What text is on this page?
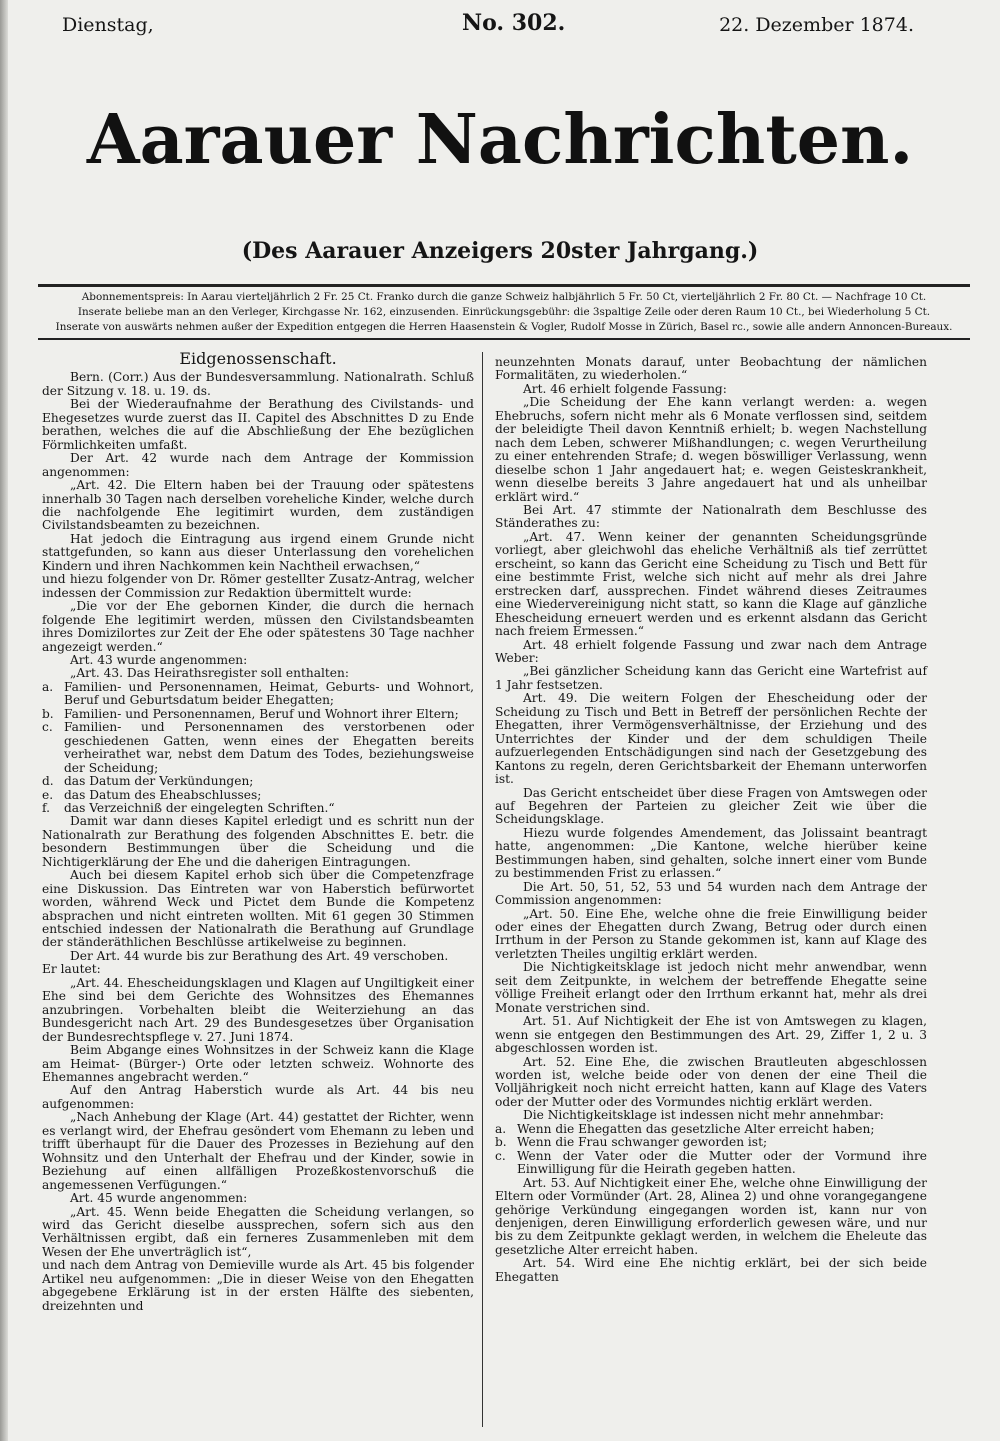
Dienstag,	No. 302.	22. Dezember 1874.
Aarauer Nachrichten.
(Des Aarauer Anzeigers 20ster Jahrgang.)
Abonnementspreis: In Aarau vierteljährlich 2 Fr. 25 Ct. Franko durch die ganze Schweiz halbjährlich 5 Fr. 50 Ct, vierteljährlich 2 Fr. 80 Ct. — Nachfrage 10 Ct.
Inserate beliebe man an den Verleger, Kirchgasse Nr. 162, einzusenden. Einrückungsgebühr: die 3spaltige Zeile oder deren Raum 10 Ct., bei Wiederholung 5 Ct.
Inserate von auswärts nehmen außer der Expedition entgegen die Herren Haasenstein & Vogler, Rudolf Mosse in Zürich, Basel rc., sowie alle andern Annoncen-Bureaux.
Eidgenossenschaft.

Bern. (Corr.) Aus der Bundesversammlung. Nationalrath. Schluß der Sitzung v. 18. u. 19. ds.

Bei der Wiederaufnahme der Berathung des Civilstands- und Ehegesetzes wurde zuerst das II. Capitel des Abschnittes D zu Ende berathen, welches die auf die Abschließung der Ehe bezüglichen Förmlichkeiten umfaßt.

Der Art. 42 wurde nach dem Antrage der Kommission angenommen:

„Art. 42. Die Eltern haben bei der Trauung oder spätestens innerhalb 30 Tagen nach derselben voreheliche Kinder, welche durch die nachfolgende Ehe legitimirt wurden, dem zuständigen Civilstandsbeamten zu bezeichnen.

Hat jedoch die Eintragung aus irgend einem Grunde nicht stattgefunden, so kann aus dieser Unterlassung den vorehelichen Kindern und ihren Nachkommen kein Nachtheil erwachsen,“

und hiezu folgender von Dr. Römer gestellter Zusatz-Antrag, welcher indessen der Commission zur Redaktion übermittelt wurde:

„Die vor der Ehe gebornen Kinder, die durch die hernach folgende Ehe legitimirt werden, müssen den Civilstandsbeamten ihres Domizilortes zur Zeit der Ehe oder spätestens 30 Tage nachher angezeigt werden.“

Art. 43 wurde angenommen:

„Art. 43. Das Heirathsregister soll enthalten:

a. Familien- und Personennamen, Heimat, Geburts- und Wohnort, Beruf und Geburtsdatum beider Ehegatten;

b. Familien- und Personennamen, Beruf und Wohnort ihrer Eltern;

c. Familien- und Personennamen des verstorbenen oder geschiedenen Gatten, wenn eines der Ehegatten bereits verheirathet war, nebst dem Datum des Todes, beziehungsweise der Scheidung;

d. das Datum der Verkündungen;

e. das Datum des Eheabschlusses;

f. das Verzeichniß der eingelegten Schriften.“

Damit war dann dieses Kapitel erledigt und es schritt nun der Nationalrath zur Berathung des folgenden Abschnittes E. betr. die besondern Bestimmungen über die Scheidung und die Nichtigerklärung der Ehe und die daherigen Eintragungen.

Auch bei diesem Kapitel erhob sich über die Competenzfrage eine Diskussion. Das Eintreten war von Haberstich befürwortet worden, während Weck und Pictet dem Bunde die Kompetenz absprachen und nicht eintreten wollten. Mit 61 gegen 30 Stimmen entschied indessen der Nationalrath die Berathung auf Grundlage der ständeräthlichen Beschlüsse artikelweise zu beginnen.

Der Art. 44 wurde bis zur Berathung des Art. 49 verschoben.

Er lautet:

„Art. 44. Ehescheidungsklagen und Klagen auf Ungiltigkeit einer Ehe sind bei dem Gerichte des Wohnsitzes des Ehemannes anzubringen. Vorbehalten bleibt die Weiterziehung an das Bundesgericht nach Art. 29 des Bundesgesetzes über Organisation der Bundesrechtspflege v. 27. Juni 1874.

Beim Abgange eines Wohnsitzes in der Schweiz kann die Klage am Heimat- (Bürger-) Orte oder letzten schweiz. Wohnorte des Ehemannes angebracht werden.“

Auf den Antrag Haberstich wurde als Art. 44 bis neu aufgenommen:

„Nach Anhebung der Klage (Art. 44) gestattet der Richter, wenn es verlangt wird, der Ehefrau gesöndert vom Ehemann zu leben und trifft überhaupt für die Dauer des Prozesses in Beziehung auf den Wohnsitz und den Unterhalt der Ehefrau und der Kinder, sowie in Beziehung auf einen allfälligen Prozeßkostenvorschuß die angemessenen Verfügungen.“

Art. 45 wurde angenommen:

„Art. 45. Wenn beide Ehegatten die Scheidung verlangen, so wird das Gericht dieselbe aussprechen, sofern sich aus den Verhältnissen ergibt, daß ein ferneres Zusammenleben mit dem Wesen der Ehe unverträglich ist“,

und nach dem Antrag von Demieville wurde als Art. 45 bis folgender Artikel neu aufgenommen: „Die in dieser Weise von den Ehegatten abgegebene Erklärung ist in der ersten Hälfte des siebenten, dreizehnten und

neunzehnten Monats darauf, unter Beobachtung der nämlichen Formalitäten, zu wiederholen.“

Art. 46 erhielt folgende Fassung:

„Die Scheidung der Ehe kann verlangt werden: a. wegen Ehebruchs, sofern nicht mehr als 6 Monate verflossen sind, seitdem der beleidigte Theil davon Kenntniß erhielt; b. wegen Nachstellung nach dem Leben, schwerer Mißhandlungen; c. wegen Verurtheilung zu einer entehrenden Strafe; d. wegen böswilliger Verlassung, wenn dieselbe schon 1 Jahr angedauert hat; e. wegen Geisteskrankheit, wenn dieselbe bereits 3 Jahre angedauert hat und als unheilbar erklärt wird.“

Bei Art. 47 stimmte der Nationalrath dem Beschlusse des Ständerathes zu:

„Art. 47. Wenn keiner der genannten Scheidungsgründe vorliegt, aber gleichwohl das eheliche Verhältniß als tief zerrüttet erscheint, so kann das Gericht eine Scheidung zu Tisch und Bett für eine bestimmte Frist, welche sich nicht auf mehr als drei Jahre erstrecken darf, aussprechen. Findet während dieses Zeitraumes eine Wiedervereinigung nicht statt, so kann die Klage auf gänzliche Ehescheidung erneuert werden und es erkennt alsdann das Gericht nach freiem Ermessen.“

Art. 48 erhielt folgende Fassung und zwar nach dem Antrage Weber:

„Bei gänzlicher Scheidung kann das Gericht eine Wartefrist auf 1 Jahr festsetzen.

Art. 49. Die weitern Folgen der Ehescheidung oder der Scheidung zu Tisch und Bett in Betreff der persönlichen Rechte der Ehegatten, ihrer Vermögensverhältnisse, der Erziehung und des Unterrichtes der Kinder und der dem schuldigen Theile aufzuerlegenden Entschädigungen sind nach der Gesetzgebung des Kantons zu regeln, deren Gerichtsbarkeit der Ehemann unterworfen ist.

Das Gericht entscheidet über diese Fragen von Amtswegen oder auf Begehren der Parteien zu gleicher Zeit wie über die Scheidungsklage.

Hiezu wurde folgendes Amendement, das Jolissaint beantragt hatte, angenommen: „Die Kantone, welche hierüber keine Bestimmungen haben, sind gehalten, solche innert einer vom Bunde zu bestimmenden Frist zu erlassen.“

Die Art. 50, 51, 52, 53 und 54 wurden nach dem Antrage der Commission angenommen:

„Art. 50. Eine Ehe, welche ohne die freie Einwilligung beider oder eines der Ehegatten durch Zwang, Betrug oder durch einen Irrthum in der Person zu Stande gekommen ist, kann auf Klage des verletzten Theiles ungiltig erklärt werden.

Die Nichtigkeitsklage ist jedoch nicht mehr anwendbar, wenn seit dem Zeitpunkte, in welchem der betreffende Ehegatte seine völlige Freiheit erlangt oder den Irrthum erkannt hat, mehr als drei Monate verstrichen sind.

Art. 51. Auf Nichtigkeit der Ehe ist von Amtswegen zu klagen, wenn sie entgegen den Bestimmungen des Art. 29, Ziffer 1, 2 u. 3 abgeschlossen worden ist.

Art. 52. Eine Ehe, die zwischen Brautleuten abgeschlossen worden ist, welche beide oder von denen der eine Theil die Volljährigkeit noch nicht erreicht hatten, kann auf Klage des Vaters oder der Mutter oder des Vormundes nichtig erklärt werden.

Die Nichtigkeitsklage ist indessen nicht mehr annehmbar:

a. Wenn die Ehegatten das gesetzliche Alter erreicht haben;

b. Wenn die Frau schwanger geworden ist;

c. Wenn der Vater oder die Mutter oder der Vormund ihre Einwilligung für die Heirath gegeben hatten.

Art. 53. Auf Nichtigkeit einer Ehe, welche ohne Einwilligung der Eltern oder Vormünder (Art. 28, Alinea 2) und ohne vorangegangene gehörige Verkündung eingegangen worden ist, kann nur von denjenigen, deren Einwilligung erforderlich gewesen wäre, und nur bis zu dem Zeitpunkte geklagt werden, in welchem die Eheleute das gesetzliche Alter erreicht haben.

Art. 54. Wird eine Ehe nichtig erklärt, bei der sich beide Ehegatten
